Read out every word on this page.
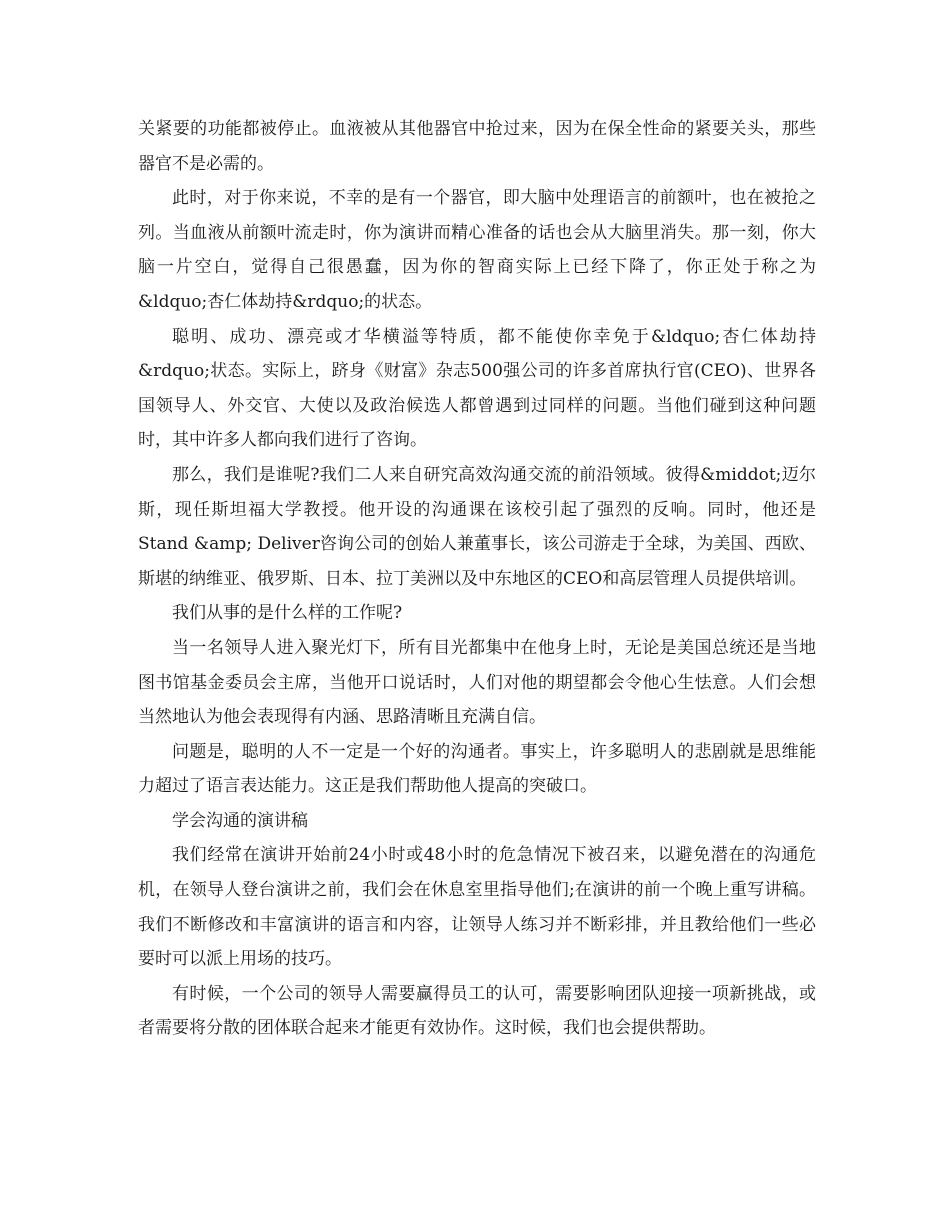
关紧要的功能都被停止。血液被从其他器官中抢过来，因为在保全性命的紧要关头，那些器官不是必需的。

此时，对于你来说，不幸的是有一个器官，即大脑中处理语言的前额叶，也在被抢之列。当血液从前额叶流走时，你为演讲而精心准备的话也会从大脑里消失。那一刻，你大脑一片空白，觉得自己很愚蠢，因为你的智商实际上已经下降了，你正处于称之为&ldquo;杏仁体劫持&rdquo;的状态。

聪明、成功、漂亮或才华横溢等特质，都不能使你幸免于&ldquo;杏仁体劫持&rdquo;状态。实际上，跻身《财富》杂志500强公司的许多首席执行官(CEO)、世界各国领导人、外交官、大使以及政治候选人都曾遇到过同样的问题。当他们碰到这种问题时，其中许多人都向我们进行了咨询。

那么，我们是谁呢?我们二人来自研究高效沟通交流的前沿领域。彼得&middot;迈尔斯，现任斯坦福大学教授。他开设的沟通课在该校引起了强烈的反响。同时，他还是Stand &amp; Deliver咨询公司的创始人兼董事长，该公司游走于全球，为美国、西欧、斯堪的纳维亚、俄罗斯、日本、拉丁美洲以及中东地区的CEO和高层管理人员提供培训。

我们从事的是什么样的工作呢?

当一名领导人进入聚光灯下，所有目光都集中在他身上时，无论是美国总统还是当地图书馆基金委员会主席，当他开口说话时，人们对他的期望都会令他心生怯意。人们会想当然地认为他会表现得有内涵、思路清晰且充满自信。

问题是，聪明的人不一定是一个好的沟通者。事实上，许多聪明人的悲剧就是思维能力超过了语言表达能力。这正是我们帮助他人提高的突破口。

学会沟通的演讲稿

我们经常在演讲开始前24小时或48小时的危急情况下被召来，以避免潜在的沟通危机，在领导人登台演讲之前，我们会在休息室里指导他们;在演讲的前一个晚上重写讲稿。我们不断修改和丰富演讲的语言和内容，让领导人练习并不断彩排，并且教给他们一些必要时可以派上用场的技巧。

有时候，一个公司的领导人需要赢得员工的认可，需要影响团队迎接一项新挑战，或者需要将分散的团体联合起来才能更有效协作。这时候，我们也会提供帮助。
